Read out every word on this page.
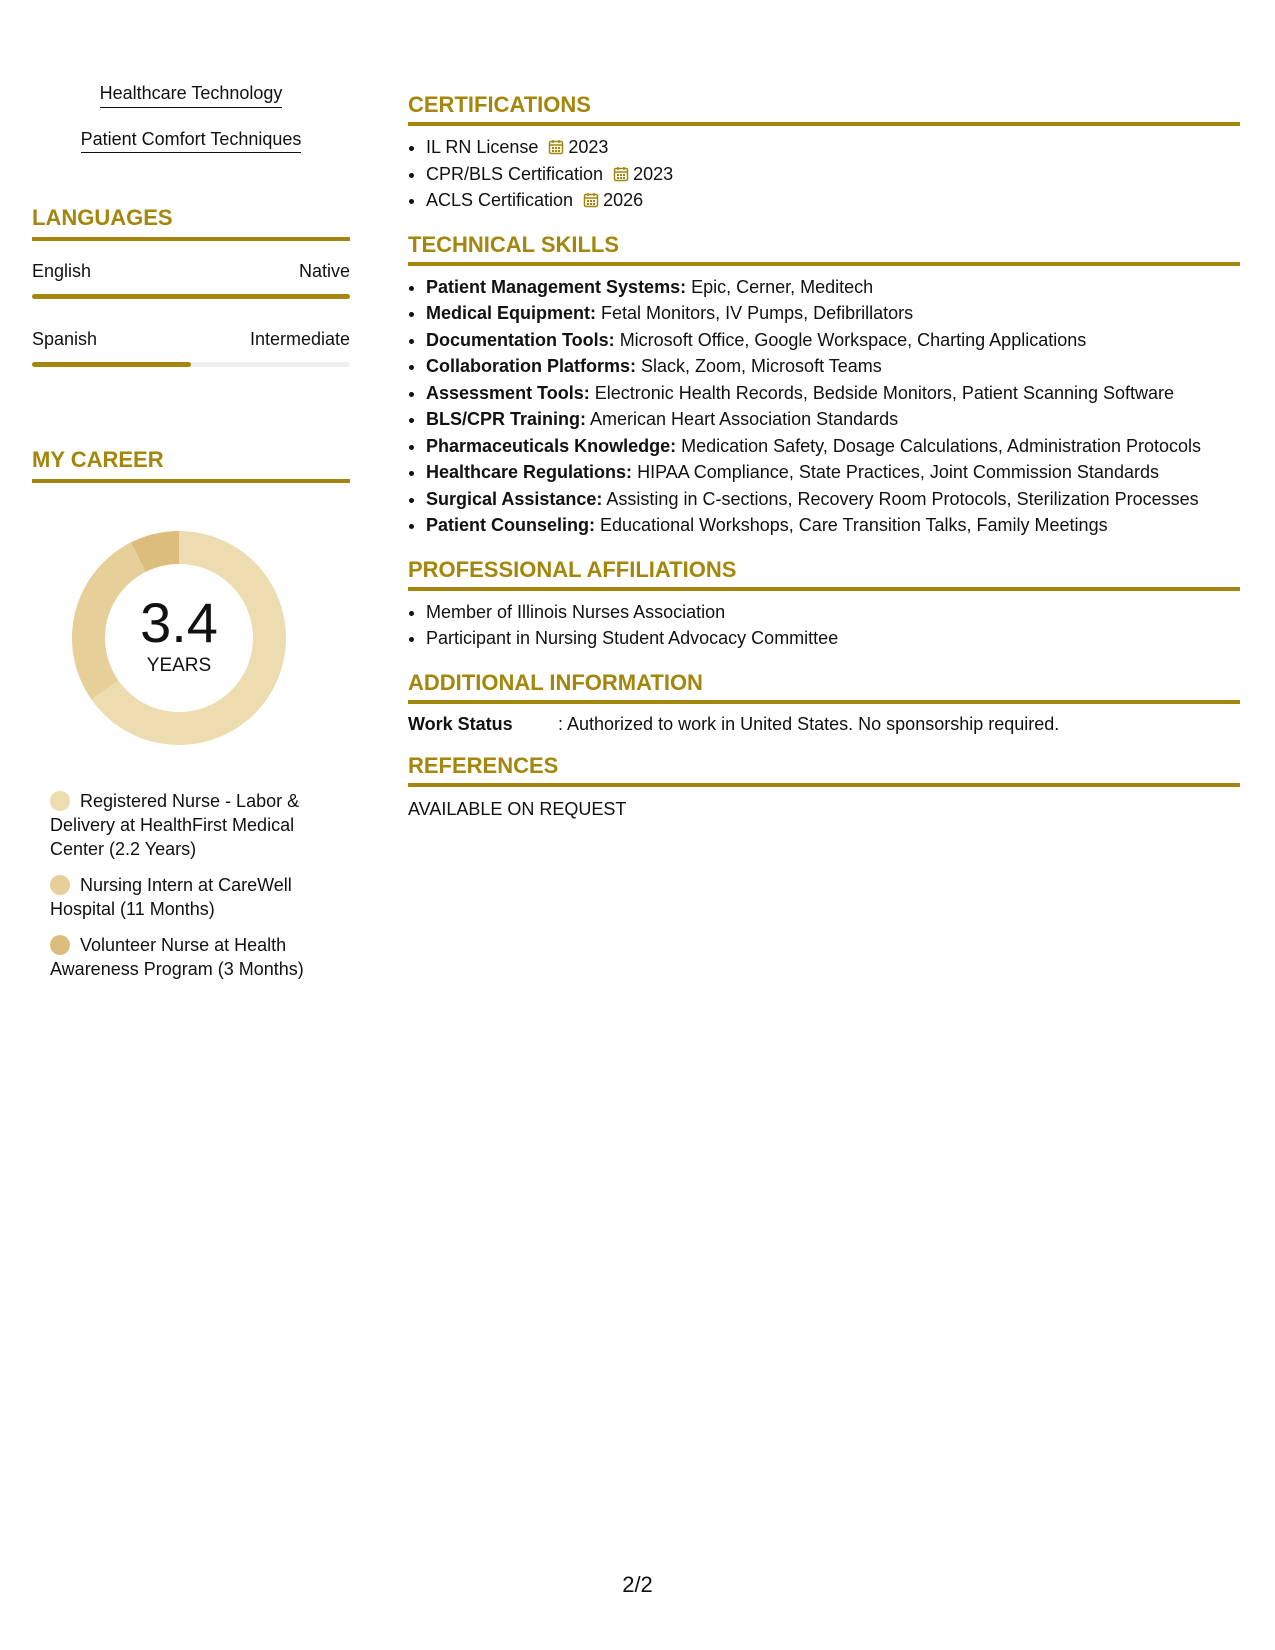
Healthcare Technology
Patient Comfort Techniques
LANGUAGES
English	Native
Spanish	Intermediate
MY CAREER
3.4
YEARS
Registered Nurse - Labor & Delivery at HealthFirst Medical Center (2.2 Years)
Nursing Intern at CareWell Hospital (11 Months)
Volunteer Nurse at Health Awareness Program (3 Months)
CERTIFICATIONS
• IL RN License 2023
• CPR/BLS Certification 2023
• ACLS Certification 2026
TECHNICAL SKILLS
• Patient Management Systems: Epic, Cerner, Meditech
• Medical Equipment: Fetal Monitors, IV Pumps, Defibrillators
• Documentation Tools: Microsoft Office, Google Workspace, Charting Applications
• Collaboration Platforms: Slack, Zoom, Microsoft Teams
• Assessment Tools: Electronic Health Records, Bedside Monitors, Patient Scanning Software
• BLS/CPR Training: American Heart Association Standards
• Pharmaceuticals Knowledge: Medication Safety, Dosage Calculations, Administration Protocols
• Healthcare Regulations: HIPAA Compliance, State Practices, Joint Commission Standards
• Surgical Assistance: Assisting in C-sections, Recovery Room Protocols, Sterilization Processes
• Patient Counseling: Educational Workshops, Care Transition Talks, Family Meetings
PROFESSIONAL AFFILIATIONS
• Member of Illinois Nurses Association
• Participant in Nursing Student Advocacy Committee
ADDITIONAL INFORMATION
Work Status	: Authorized to work in United States. No sponsorship required.
REFERENCES
AVAILABLE ON REQUEST
2/2
